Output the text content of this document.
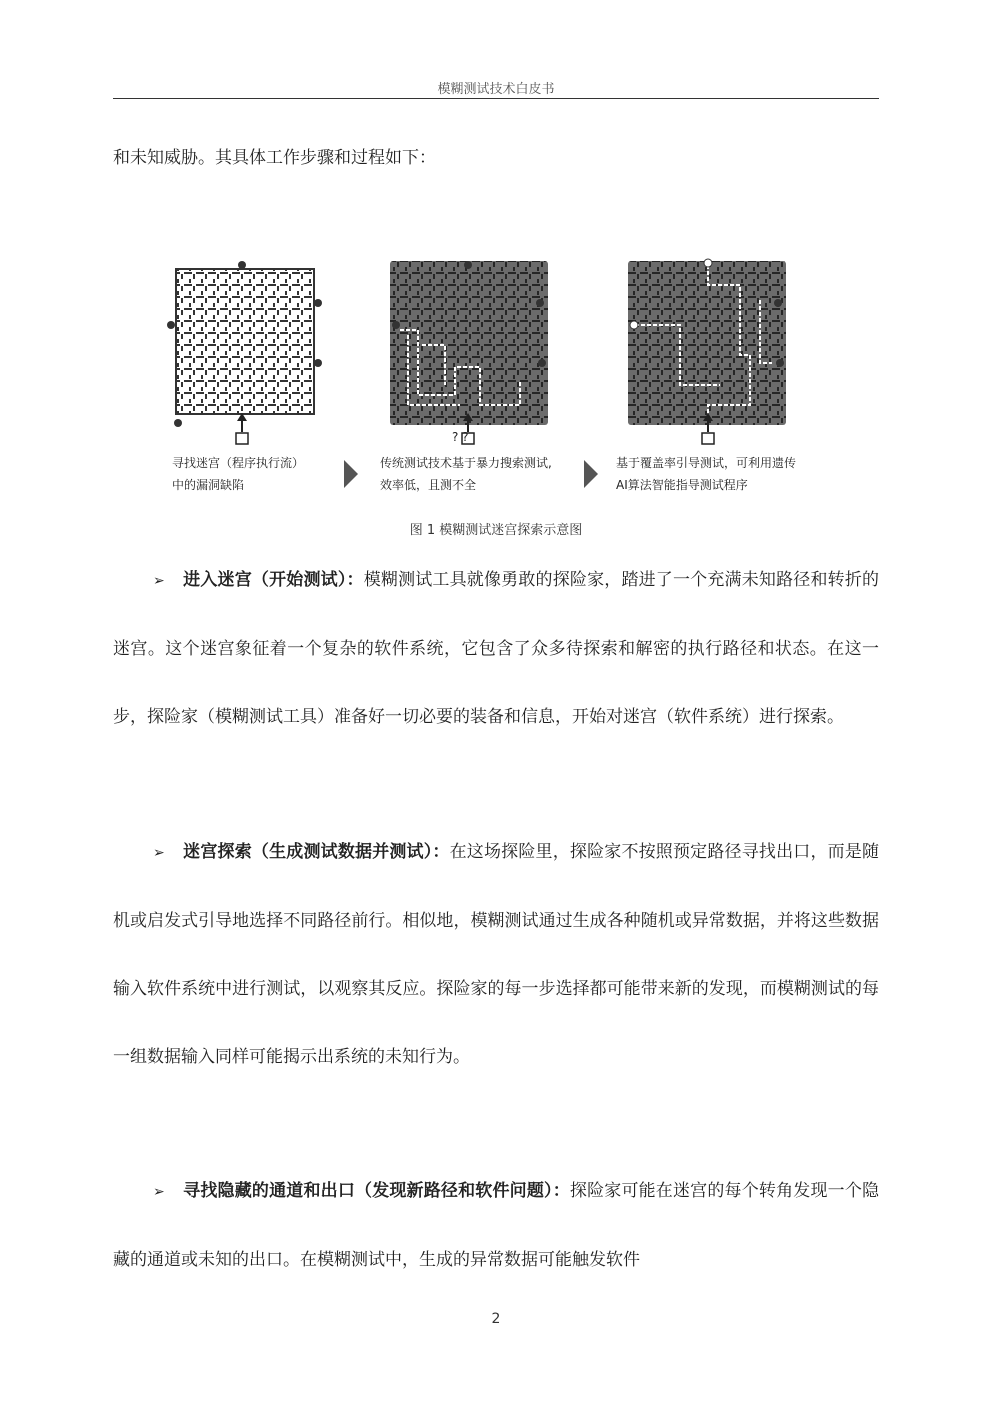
模糊测试技术白皮书
和未知威胁。其具体工作步骤和过程如下：
? ?
寻找迷宫（程序执行流）
中的漏洞缺陷
传统测试技术基于暴力搜索测试,
效率低，且测不全
基于覆盖率引导测试，可利用遗传
AI算法智能指导测试程序
图 1 模糊测试迷宫探索示意图

➢ 进入迷宫（开始测试）：模糊测试工具就像勇敢的探险家，踏进了一个充满未知路径和转折的迷宫。这个迷宫象征着一个复杂的软件系统，它包含了众多待探索和解密的执行路径和状态。在这一步，探险家（模糊测试工具）准备好一切必要的装备和信息，开始对迷宫（软件系统）进行探索。

➢ 迷宫探索（生成测试数据并测试）：在这场探险里，探险家不按照预定路径寻找出口，而是随机或启发式引导地选择不同路径前行。相似地，模糊测试通过生成各种随机或异常数据，并将这些数据输入软件系统中进行测试，以观察其反应。探险家的每一步选择都可能带来新的发现，而模糊测试的每一组数据输入同样可能揭示出系统的未知行为。

➢ 寻找隐藏的通道和出口（发现新路径和软件问题）：探险家可能在迷宫的每个转角发现一个隐藏的通道或未知的出口。在模糊测试中，生成的异常数据可能触发软件

2
